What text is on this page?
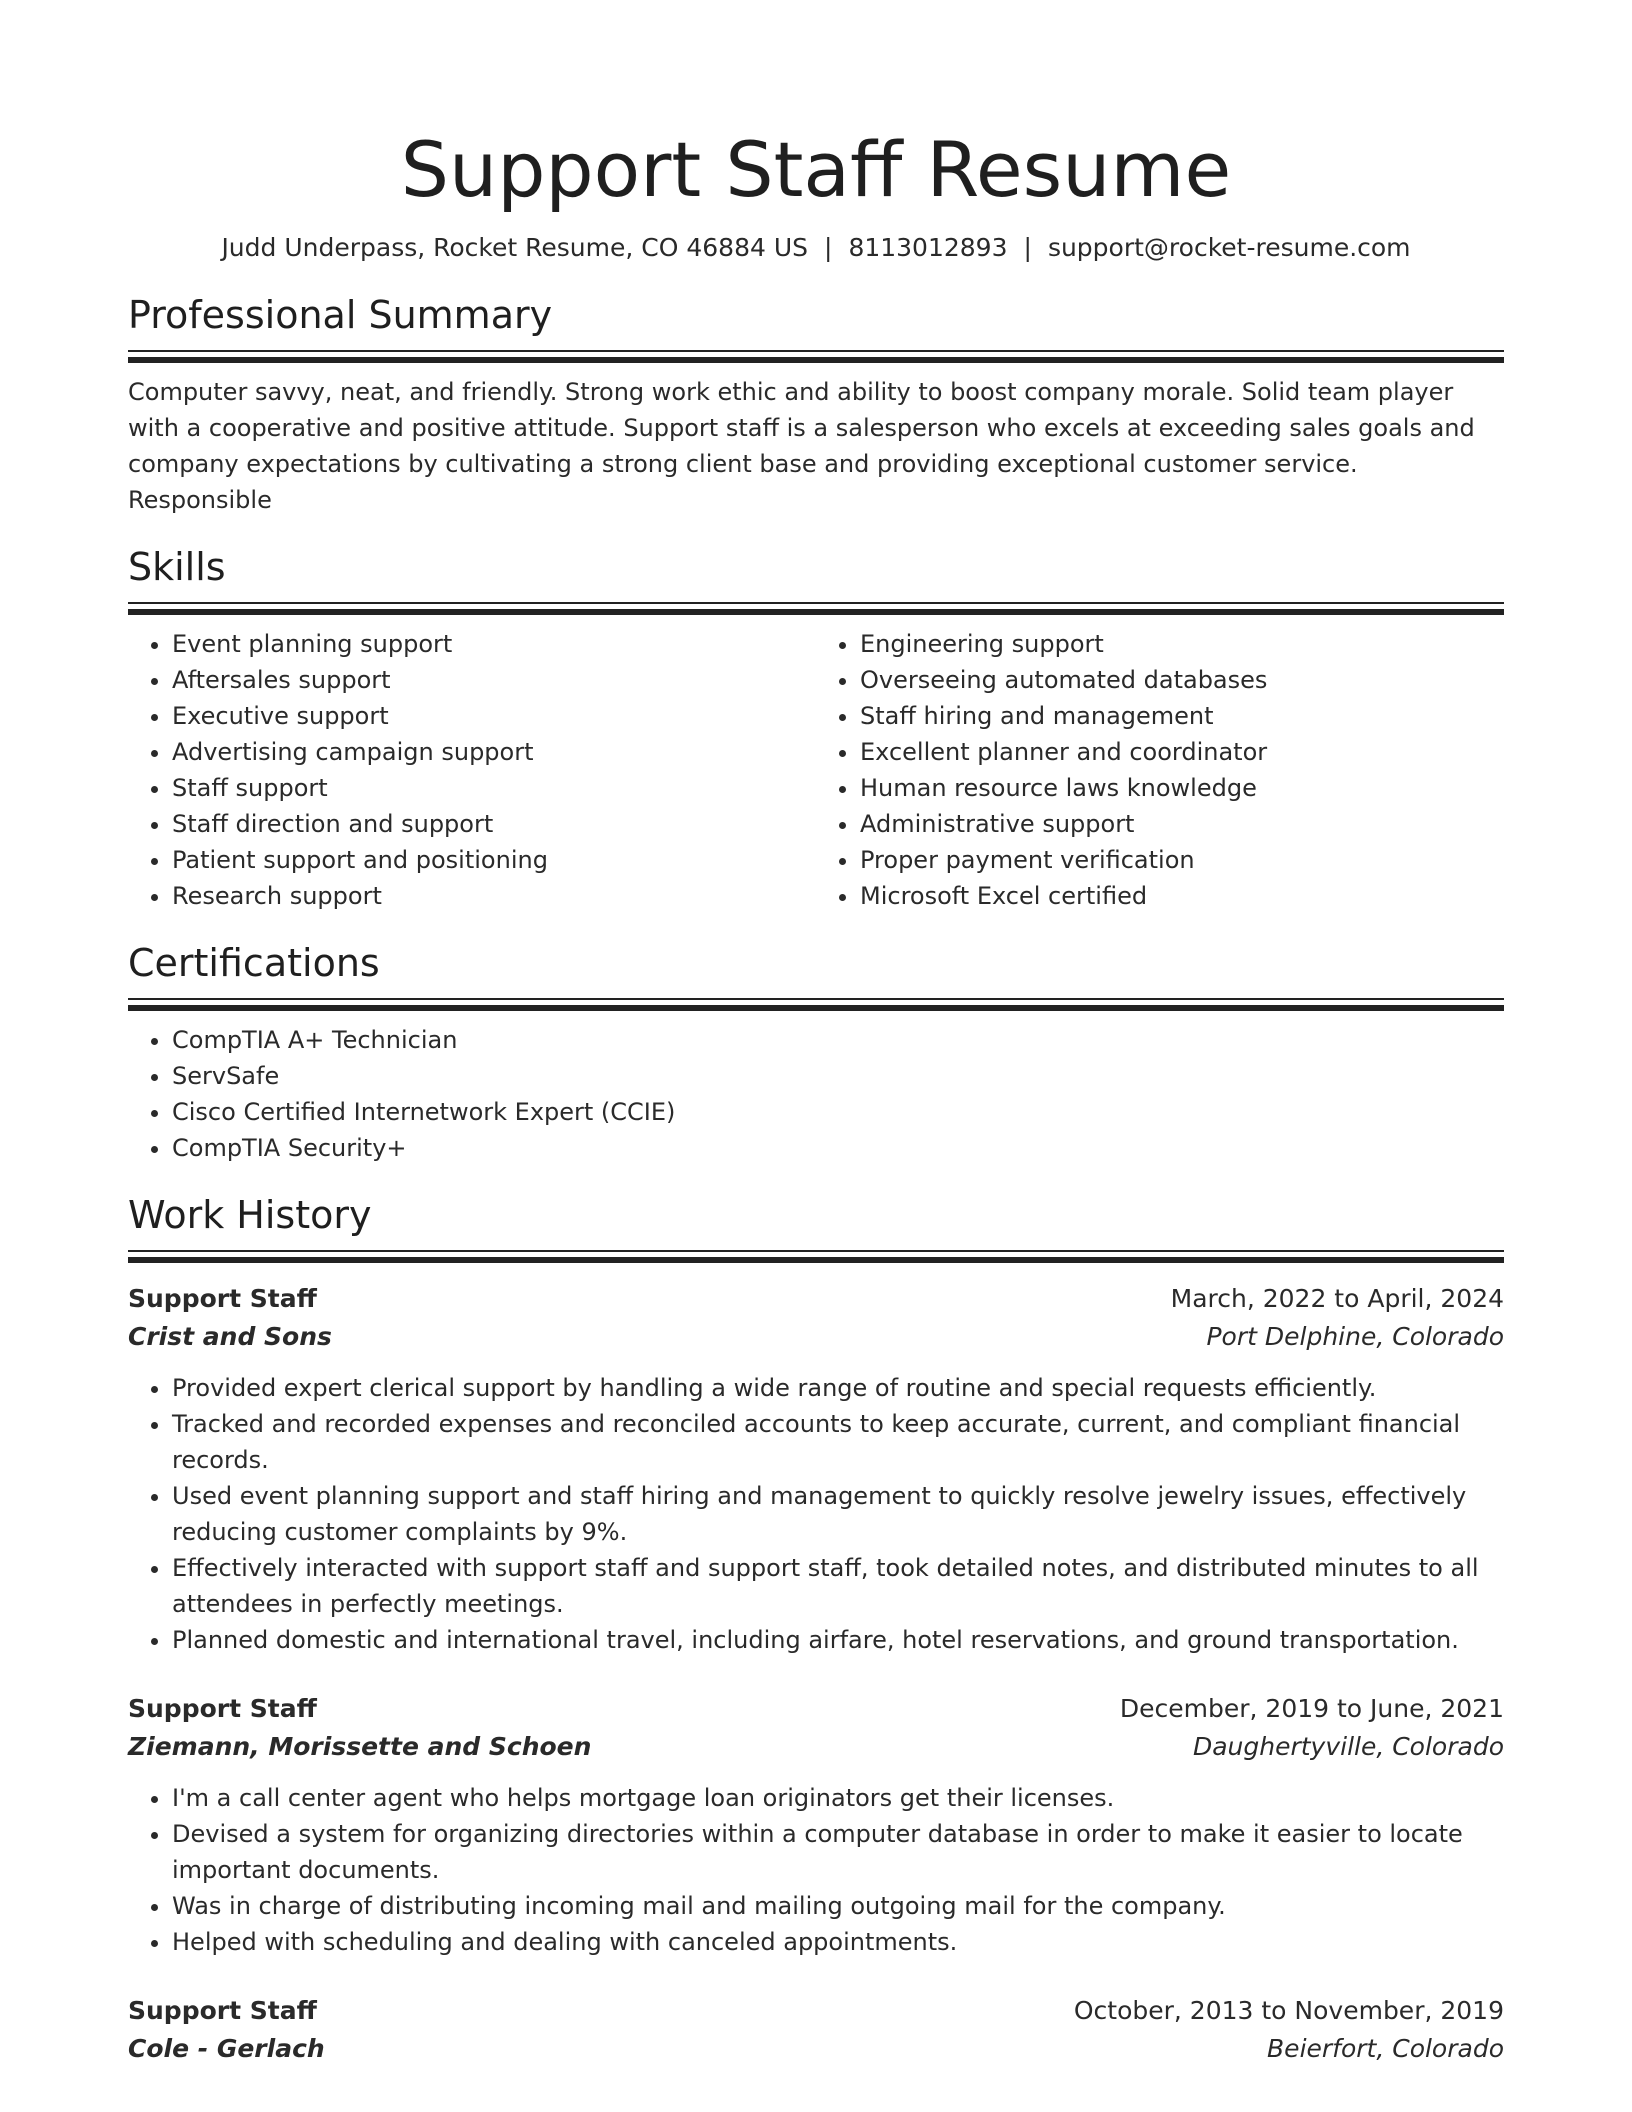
Support Staff Resume
Judd Underpass, Rocket Resume, CO 46884 US | 8113012893 | support@rocket-resume.com
Professional Summary
Computer savvy, neat, and friendly. Strong work ethic and ability to boost company morale. Solid team player with a cooperative and positive attitude. Support staff is a salesperson who excels at exceeding sales goals and company expectations by cultivating a strong client base and providing exceptional customer service. Responsible
Skills
• Event planning support
• Aftersales support
• Executive support
• Advertising campaign support
• Staff support
• Staff direction and support
• Patient support and positioning
• Research support
• Engineering support
• Overseeing automated databases
• Staff hiring and management
• Excellent planner and coordinator
• Human resource laws knowledge
• Administrative support
• Proper payment verification
• Microsoft Excel certified
Certifications
• CompTIA A+ Technician
• ServSafe
• Cisco Certified Internetwork Expert (CCIE)
• CompTIA Security+
Work History
Support Staff	March, 2022 to April, 2024
Crist and Sons	Port Delphine, Colorado
• Provided expert clerical support by handling a wide range of routine and special requests efficiently.
• Tracked and recorded expenses and reconciled accounts to keep accurate, current, and compliant financial records.
• Used event planning support and staff hiring and management to quickly resolve jewelry issues, effectively reducing customer complaints by 9%.
• Effectively interacted with support staff and support staff, took detailed notes, and distributed minutes to all attendees in perfectly meetings.
• Planned domestic and international travel, including airfare, hotel reservations, and ground transportation.
Support Staff	December, 2019 to June, 2021
Ziemann, Morissette and Schoen	Daughertyville, Colorado
• I'm a call center agent who helps mortgage loan originators get their licenses.
• Devised a system for organizing directories within a computer database in order to make it easier to locate important documents.
• Was in charge of distributing incoming mail and mailing outgoing mail for the company.
• Helped with scheduling and dealing with canceled appointments.
Support Staff	October, 2013 to November, 2019
Cole - Gerlach	Beierfort, Colorado
